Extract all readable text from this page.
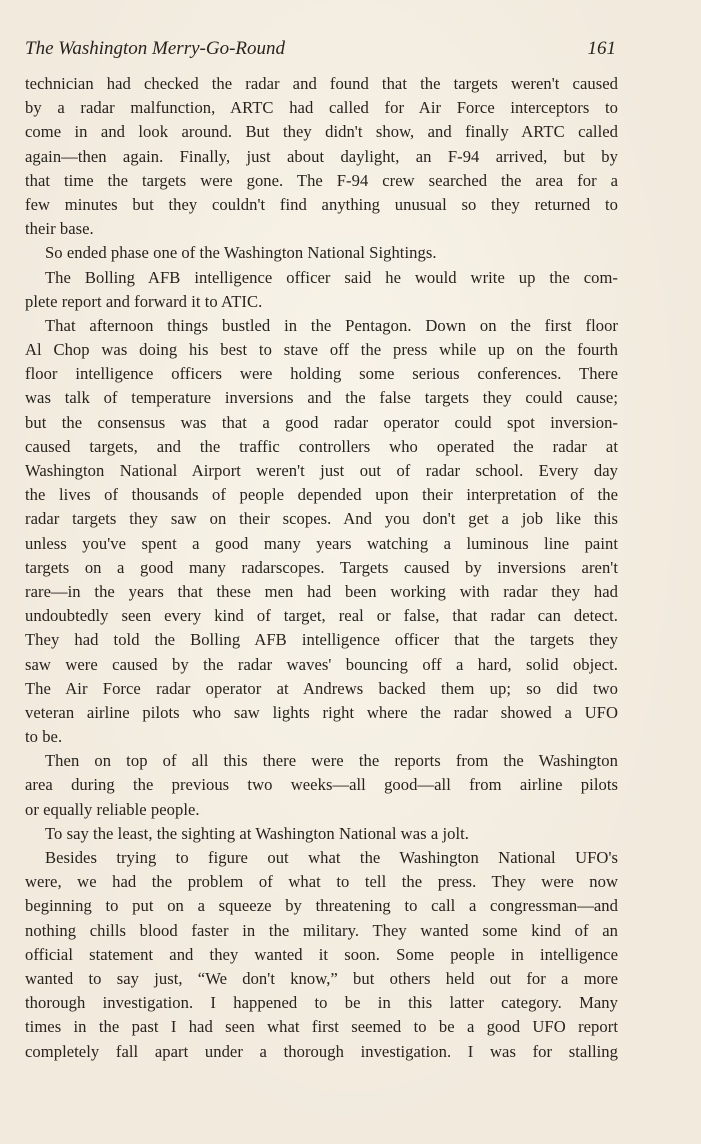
The Washington Merry-Go-Round	161
technician had checked the radar and found that the targets weren't caused
by a radar malfunction, ARTC had called for Air Force interceptors to
come in and look around. But they didn't show, and finally ARTC called
again—then again. Finally, just about daylight, an F-94 arrived, but by
that time the targets were gone. The F-94 crew searched the area for a
few minutes but they couldn't find anything unusual so they returned to
their base.
So ended phase one of the Washington National Sightings.
The Bolling AFB intelligence officer said he would write up the com-
plete report and forward it to ATIC.
That afternoon things bustled in the Pentagon. Down on the first floor
Al Chop was doing his best to stave off the press while up on the fourth
floor intelligence officers were holding some serious conferences. There
was talk of temperature inversions and the false targets they could cause;
but the consensus was that a good radar operator could spot inversion-
caused targets, and the traffic controllers who operated the radar at
Washington National Airport weren't just out of radar school. Every day
the lives of thousands of people depended upon their interpretation of the
radar targets they saw on their scopes. And you don't get a job like this
unless you've spent a good many years watching a luminous line paint
targets on a good many radarscopes. Targets caused by inversions aren't
rare—in the years that these men had been working with radar they had
undoubtedly seen every kind of target, real or false, that radar can detect.
They had told the Bolling AFB intelligence officer that the targets they
saw were caused by the radar waves' bouncing off a hard, solid object.
The Air Force radar operator at Andrews backed them up; so did two
veteran airline pilots who saw lights right where the radar showed a UFO
to be.
Then on top of all this there were the reports from the Washington
area during the previous two weeks—all good—all from airline pilots
or equally reliable people.
To say the least, the sighting at Washington National was a jolt.
Besides trying to figure out what the Washington National UFO's
were, we had the problem of what to tell the press. They were now
beginning to put on a squeeze by threatening to call a congressman—and
nothing chills blood faster in the military. They wanted some kind of an
official statement and they wanted it soon. Some people in intelligence
wanted to say just, “We don't know,” but others held out for a more
thorough investigation. I happened to be in this latter category. Many
times in the past I had seen what first seemed to be a good UFO report
completely fall apart under a thorough investigation. I was for stalling
